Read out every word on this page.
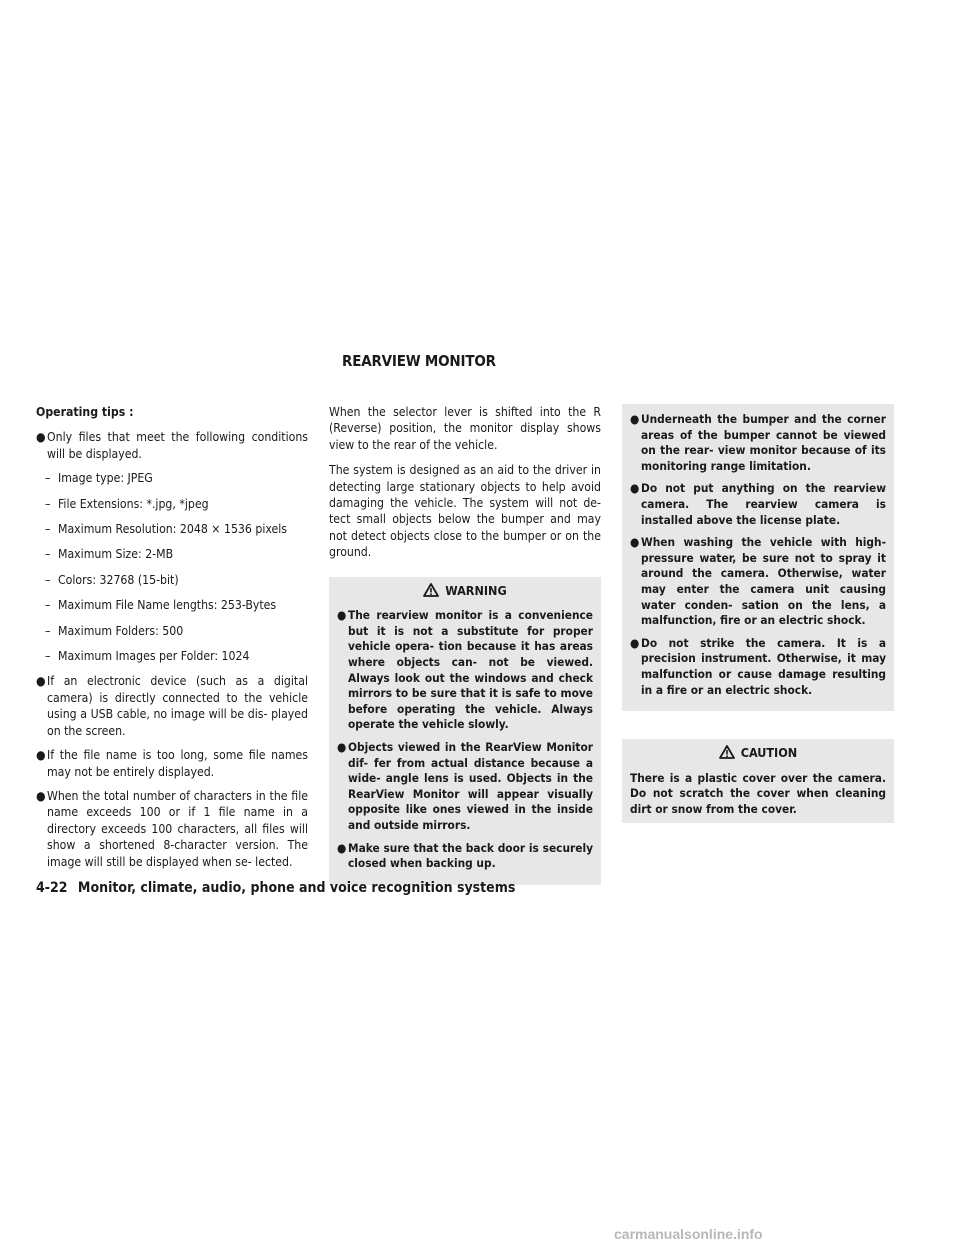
REARVIEW MONITOR

Operating tips :

● Only files that meet the following conditions will be displayed.
– Image type: JPEG
– File Extensions: *.jpg, *jpeg
– Maximum Resolution: 2048 × 1536 pixels
– Maximum Size: 2-MB
– Colors: 32768 (15-bit)
– Maximum File Name lengths: 253-Bytes
– Maximum Folders: 500
– Maximum Images per Folder: 1024
● If an electronic device (such as a digital camera) is directly connected to the vehicle using a USB cable, no image will be dis- played on the screen.
● If the file name is too long, some file names may not be entirely displayed.
● When the total number of characters in the file name exceeds 100 or if 1 file name in a directory exceeds 100 characters, all files will show a shortened 8-character version. The image will still be displayed when se- lected.

When the selector lever is shifted into the R (Reverse) position, the monitor display shows view to the rear of the vehicle.

The system is designed as an aid to the driver in detecting large stationary objects to help avoid damaging the vehicle. The system will not de- tect small objects below the bumper and may not detect objects close to the bumper or on the ground.

WARNING
● The rearview monitor is a convenience but it is not a substitute for proper vehicle opera- tion because it has areas where objects can- not be viewed. Always look out the windows and check mirrors to be sure that it is safe to move before operating the vehicle. Always operate the vehicle slowly.
● Objects viewed in the RearView Monitor dif- fer from actual distance because a wide- angle lens is used. Objects in the RearView Monitor will appear visually opposite like ones viewed in the inside and outside mirrors.
● Make sure that the back door is securely closed when backing up.
● Underneath the bumper and the corner areas of the bumper cannot be viewed on the rear- view monitor because of its monitoring range limitation.
● Do not put anything on the rearview camera. The rearview camera is installed above the license plate.
● When washing the vehicle with high- pressure water, be sure not to spray it around the camera. Otherwise, water may enter the camera unit causing water conden- sation on the lens, a malfunction, fire or an electric shock.
● Do not strike the camera. It is a precision instrument. Otherwise, it may malfunction or cause damage resulting in a fire or an electric shock.
CAUTION
There is a plastic cover over the camera. Do not scratch the cover when cleaning dirt or snow from the cover.
4-22 Monitor, climate, audio, phone and voice recognition systems
carmanualsonline.info
